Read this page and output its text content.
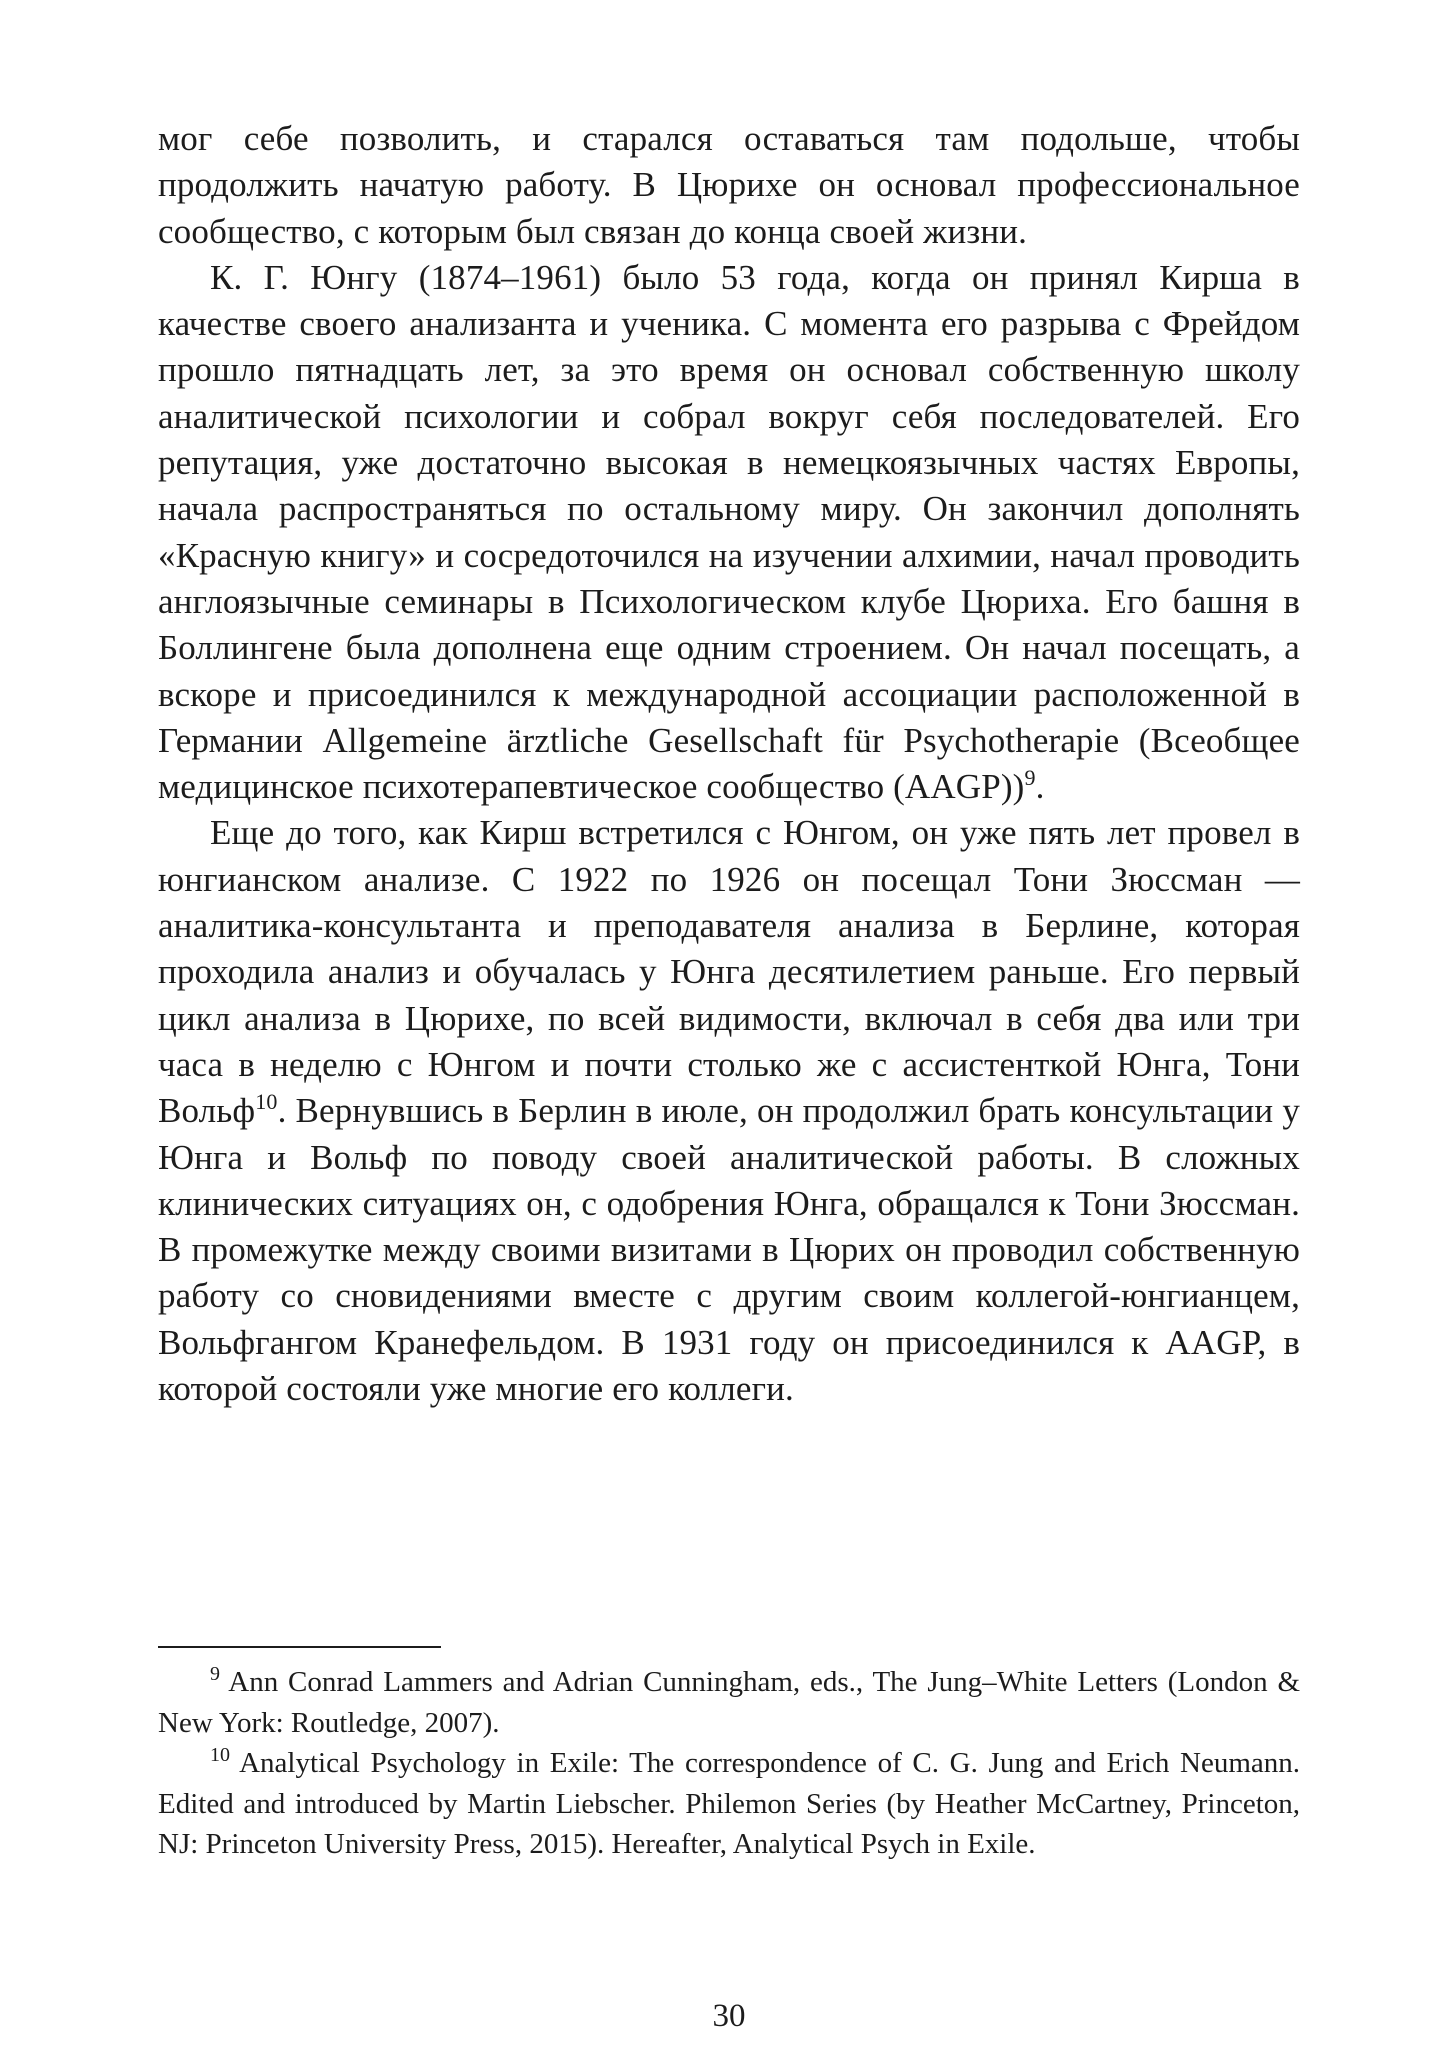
мог себе позволить, и старался оставаться там подольше, чтобы продолжить начатую работу. В Цюрихе он основал профессиональное сообщество, с которым был связан до конца своей жизни.

К. Г. Юнгу (1874–1961) было 53 года, когда он принял Кирша в качестве своего анализанта и ученика. С момента его разрыва с Фрейдом прошло пятнадцать лет, за это время он основал собственную школу аналитической психологии и собрал вокруг себя последователей. Его репутация, уже достаточно высокая в немецкоязычных частях Европы, начала распространяться по остальному миру. Он закончил дополнять «Красную книгу» и сосредоточился на изучении алхимии, начал проводить англоязычные семинары в Психологическом клубе Цюриха. Его башня в Боллингене была дополнена еще одним строением. Он начал посещать, а вскоре и присоединился к международной ассоциации расположенной в Германии Allgemeine ärztliche Gesellschaft für Psychotherapie (Всеобщее медицинское психотерапевтическое сообщество (AAGP))$^9$.

Еще до того, как Кирш встретился с Юнгом, он уже пять лет провел в юнгианском анализе. С 1922 по 1926 он посещал Тони Зюссман — аналитика-консультанта и преподавателя анализа в Берлине, которая проходила анализ и обучалась у Юнга десятилетием раньше. Его первый цикл анализа в Цюрихе, по всей видимости, включал в себя два или три часа в неделю с Юнгом и почти столько же с ассистенткой Юнга, Тони Вольф$^{10}$. Вернувшись в Берлин в июле, он продолжил брать консультации у Юнга и Вольф по поводу своей аналитической работы. В сложных клинических ситуациях он, с одобрения Юнга, обращался к Тони Зюссман. В промежутке между своими визитами в Цюрих он проводил собственную работу со сновидениями вместе с другим своим коллегой-юнгианцем, Вольфгангом Кранефельдом. В 1931 году он присоединился к AAGP, в которой состояли уже многие его коллеги.

$^9$ Ann Conrad Lammers and Adrian Cunningham, eds., The Jung–White Letters (London & New York: Routledge, 2007).

$^{10}$ Analytical Psychology in Exile: The correspondence of C. G. Jung and Erich Neumann. Edited and introduced by Martin Liebscher. Philemon Series (by Heather McCartney, Princeton, NJ: Princeton University Press, 2015). Hereafter, Analytical Psych in Exile.

30
